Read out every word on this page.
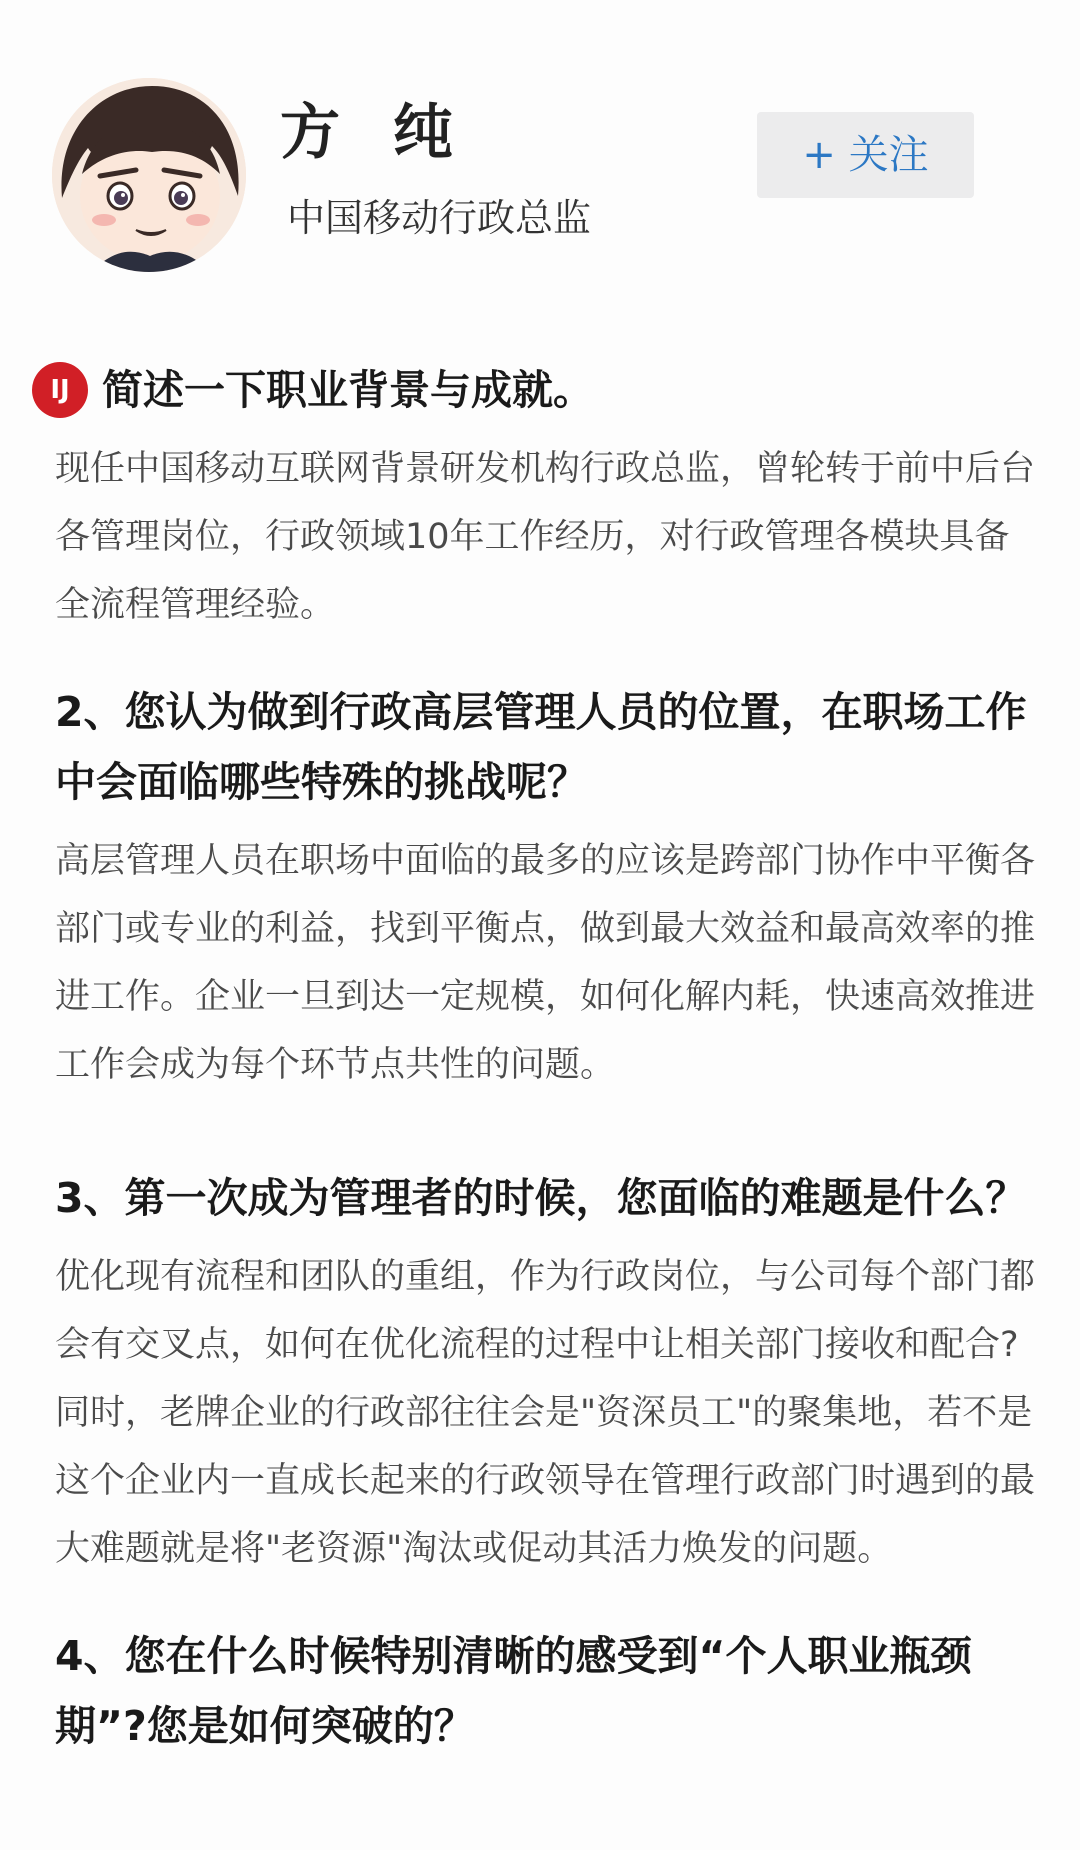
方 纯
中国移动行政总监
+ 关注
IJ 简述一下职业背景与成就。

现任中国移动互联网背景研发机构行政总监，曾轮转于前中后台各管理岗位，行政领域10年工作经历，对行政管理各模块具备全流程管理经验。

2、您认为做到行政高层管理人员的位置，在职场工作中会面临哪些特殊的挑战呢？

高层管理人员在职场中面临的最多的应该是跨部门协作中平衡各部门或专业的利益，找到平衡点，做到最大效益和最高效率的推进工作。企业一旦到达一定规模，如何化解内耗，快速高效推进工作会成为每个环节点共性的问题。

3、第一次成为管理者的时候，您面临的难题是什么？

优化现有流程和团队的重组，作为行政岗位，与公司每个部门都会有交叉点，如何在优化流程的过程中让相关部门接收和配合?同时，老牌企业的行政部往往会是"资深员工"的聚集地，若不是这个企业内一直成长起来的行政领导在管理行政部门时遇到的最大难题就是将"老资源"淘汰或促动其活力焕发的问题。

4、您在什么时候特别清晰的感受到“个人职业瓶颈期”?您是如何突破的？
